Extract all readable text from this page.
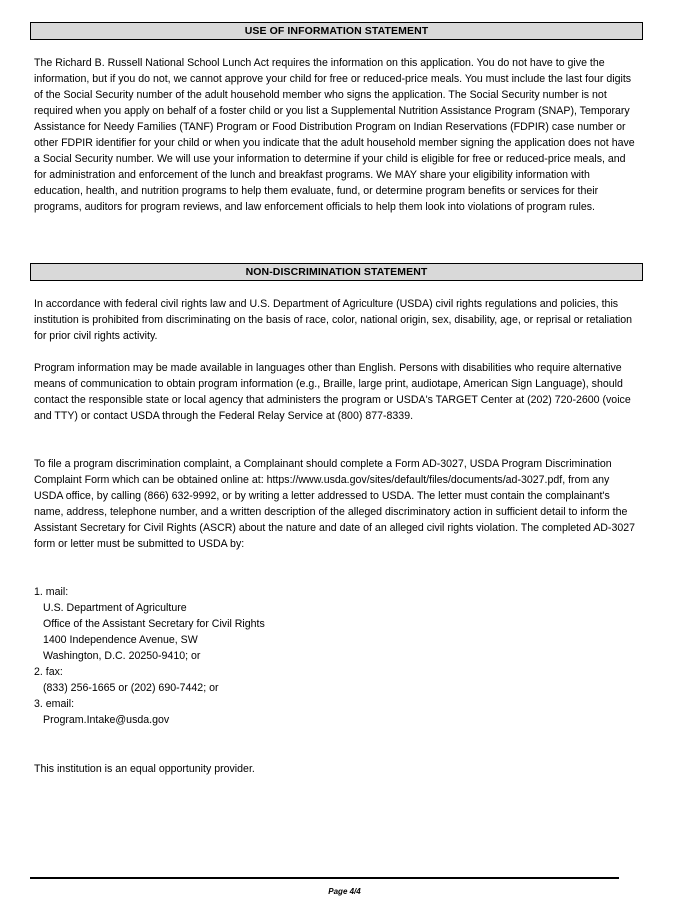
USE OF INFORMATION STATEMENT

The Richard B. Russell National School Lunch Act requires the information on this application. You do not have to give the information, but if you do not, we cannot approve your child for free or reduced-price meals. You must include the last four digits of the Social Security number of the adult household member who signs the application. The Social Security number is not required when you apply on behalf of a foster child or you list a Supplemental Nutrition Assistance Program (SNAP), Temporary Assistance for Needy Families (TANF) Program or Food Distribution Program on Indian Reservations (FDPIR) case number or other FDPIR identifier for your child or when you indicate that the adult household member signing the application does not have a Social Security number. We will use your information to determine if your child is eligible for free or reduced-price meals, and for administration and enforcement of the lunch and breakfast programs. We MAY share your eligibility information with education, health, and nutrition programs to help them evaluate, fund, or determine program benefits or services for their programs, auditors for program reviews, and law enforcement officials to help them look into violations of program rules.

NON-DISCRIMINATION STATEMENT

In accordance with federal civil rights law and U.S. Department of Agriculture (USDA) civil rights regulations and policies, this institution is prohibited from discriminating on the basis of race, color, national origin, sex, disability, age, or reprisal or retaliation for prior civil rights activity.

Program information may be made available in languages other than English. Persons with disabilities who require alternative means of communication to obtain program information (e.g., Braille, large print, audiotape, American Sign Language), should contact the responsible state or local agency that administers the program or USDA's TARGET Center at (202) 720-2600 (voice and TTY) or contact USDA through the Federal Relay Service at (800) 877-8339.

To file a program discrimination complaint, a Complainant should complete a Form AD-3027, USDA Program Discrimination Complaint Form which can be obtained online at: https://www.usda.gov/sites/default/files/documents/ad-3027.pdf, from any USDA office, by calling (866) 632-9992, or by writing a letter addressed to USDA. The letter must contain the complainant's name, address, telephone number, and a written description of the alleged discriminatory action in sufficient detail to inform the Assistant Secretary for Civil Rights (ASCR) about the nature and date of an alleged civil rights violation. The completed AD-3027 form or letter must be submitted to USDA by:

1. mail:
U.S. Department of Agriculture
Office of the Assistant Secretary for Civil Rights
1400 Independence Avenue, SW
Washington, D.C. 20250-9410; or
2. fax:
(833) 256-1665 or (202) 690-7442; or
3. email:
Program.Intake@usda.gov

This institution is an equal opportunity provider.

Page 4/4
